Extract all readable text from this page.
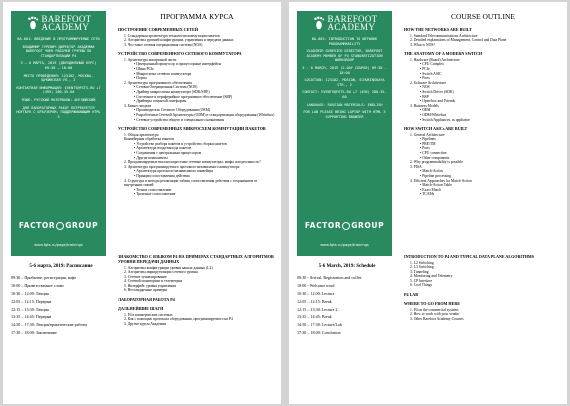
BAREFOOT
ACADEMY
BA-001: ВВЕДЕНИЕ В ПРОГРАММИРУЕМЫЕ СЕТИ
ВЛАДИМИР ГУРЕВИЧ ДИРЕКТОР АКАДЕМИИ BAREFOOT ЧЛЕН РАБОЧЕЙ ГРУППЫ ПО СТАНДАРТИЗАЦИИ P4
5 – 6 МАРТА, 2019 (ДВУХДНЕВНЫЙ КУРС) 09:30 – 18:00
МЕСТО ПРОВЕДЕНИЯ: 123182, МОСКВА, ЩУКИНСКАЯ УЛ., 2
КОНТАКТНАЯ ИНФОРМАЦИЯ: EVENTS@FGTS.RU +7 (495) 280-35-60
ЯЗЫК: РУССКИЙ МАТЕРИАЛЫ: АНГЛИЙСКИЙ
ДЛЯ ЛАБОРАТОРНЫХ РАБОТ ПОТРЕБУЕТСЯ НОУТБУК С БРАУЗЕРОМ, ПОДДЕРЖИВАЮЩИМ HTML 5
FACTOR GROUP
www.fgts.ru/page/trainings
5-6 марта, 2019: Расписание
09:30 – Прибытие, регистрация, кофе
10:00 – Приветственное слово
10:30 – 12:00: Лекция
12:05 – 12:15: Перерыв
12:15 – 13:30: Лекция
13:35 – 14:45: Перерыв
14:50 – 17:30: Лекция/практические работы
17:30 – 18:00: Заключение
ПРОГРАММА КУРСА
ПОСТРОЕНИЕ СОВРЕМЕННЫХ СЕТЕЙ
1. Стандартная архитектура технологии коммутации пакетов
2. Алгоритмы уровней конфигурации, управления и передачи данных
3. Что такое сетевая операционная система (NOS)
УСТРОЙСТВО СОВРЕМЕННОГО СЕТЕВОГО КОММУТАТОРА
1. Архитектура аппаратной части
• Центральный процессор и процессорные интерфейсы
• Шина PCIe
• Микросхема сетевого коммутатора
• Порты
2. Архитектура программного обеспечения
• Сетевая Операционная Система (NOS)
• Драйвер микросхемы коммутатора (SDK/SDE)
• Системное и периферийное программное обеспечение (SBP)
• Драйверы открытой платформы
3. Бизнес-модели
• Производитель Сетевого Оборудования (OEM)
• Разработчики Сетевой Архитектуры (ODM) и стандартизация оборудования (Whitebox)
• Сетевые устройства общего и специального назначения
УСТРОЙСТВО СОВРЕМЕННЫХ МИКРОСХЕМ КОММУТАЦИИ ПАКЕТОВ
1. Общая архитектура
Конвейерная обработка пакетов
• Устройство разбора пакетов и устройство сборки пакетов
• Архитектура входа/выхода пакетов
• Соединения с центральным процессором
• Другие компоненты
2. Программируемые высокоскоростные сетевые коммутаторы: мифы или реальность?
3. Архитектура программируемого протоколо-независимого коммутатора
• Архитектура протоколо-независимого конвейера
• Принцип сопоставления действия
4. Структура и методы реализации таблиц сопоставления действия с сохранением ее внутренних связей
• Точное сопоставление
• Троичное сопоставление
ЗНАКОМСТВО С ЯЗЫКОМ P4 НА ПРИМЕРАХ СТАНДАРТНЫХ АЛГОРИТМОВ УРОВНЯ ПЕРЕДАЧИ ДАННЫХ
1. Алгоритмы конфигурации уровня канала данных (L2)
2. Алгоритмы маршрутизации сетевого уровня
3. Сетевое туннелирование
4. Сетевой мониторинг и телеметрия
5. Интерфейс уровня управления
6. Нестандартные примеры
ЛАБОРАТОРНАЯ РАБОТА P4
ДАЛЬНЕЙШИЕ ШАГИ
1. P4 в коммерческих системах
2. Как с помощью протокола оборудования, программируемого на P4
3. Другие курсы Академии
BAREFOOT
ACADEMY
BA-001: INTRODUCTION TO NETWORK PROGRAMMABILITY
VLADIMIR GUREVICH DIRECTOR, BAREFOOT ACADEMY MEMBER OF P4 STANDARTIZATION WORKGROUP
5 - 6 MARCH, 2019 (2-DAY COURSE) 09:30 - 18:00
LOCATION: 123182, MOSCOW, SCHUKINSKAYA STR., 2
CONTACT: EVENTS@FGTS.RU +7 (495) 280-35-60
LANGUAGE: RUSSIAN MATERIALS: ENGLISH
FOR LAB PLEASE BRING LAPTOP WITH HTML 5 SUPPORTING BROWSER
FACTOR GROUP
www.fgts.ru/page/trainings
5-6 March, 2019: Schedule
09:30 - Arrival, Registration and coffee
10:00 - Welcome word
10:30 – 12:00: Lecture
12:05 – 12:15: Break
12:15 – 13:30: Lecture 2
13:35 – 14:45: Break
14:50 – 17:30: Lecture/Lab
17:30 – 18:00: Conclusion
COURSE OUTLINE
HOW THE NETWORKS ARE BUILT
1. Standard Telecommunications Architecture
2. Detailed explanations of Management, Control and Data Plane
3. What is NOS?
THE ANATOMY OF A MODERN SWITCH
1. Hardware (Board) Architecture
• CPU Complex
• PCIe
• Switch ASIC
• Ports
2. Software Architecture
• NOS
• Switch Driver (SDK)
• BSP
• Open/box and Friends
3. Business Models
• OEM
• ODM/Whitebox
• Switch/Appliances, as appliance
HOW SWITCH ASICs ARE BUILT
1. General Architecture
• Pipelines
• PRE/TM
• Ports
• CPU connection
• Other components
2. Why programmability is possible
3. PISA
• Match-Action
• Pipeline processing
4. Efficient Approaches for Match-Action
• Match-Action Table
• Exact Match
• TCAMs
INTRODUCTION TO P4 AND TYPICAL DATA PLANE ALGORITHMS
1. L2 Switching
2. L3 Switching
3. Tunneling
4. Monitoring and Telemetry
5. CP Interface
6. Cool Things
P4 LAB
WHERE TO GO FROM HERE
1. P4 on the commercial systems
2. How to work with your vendor
3. Other Barefoot Academy Courses
